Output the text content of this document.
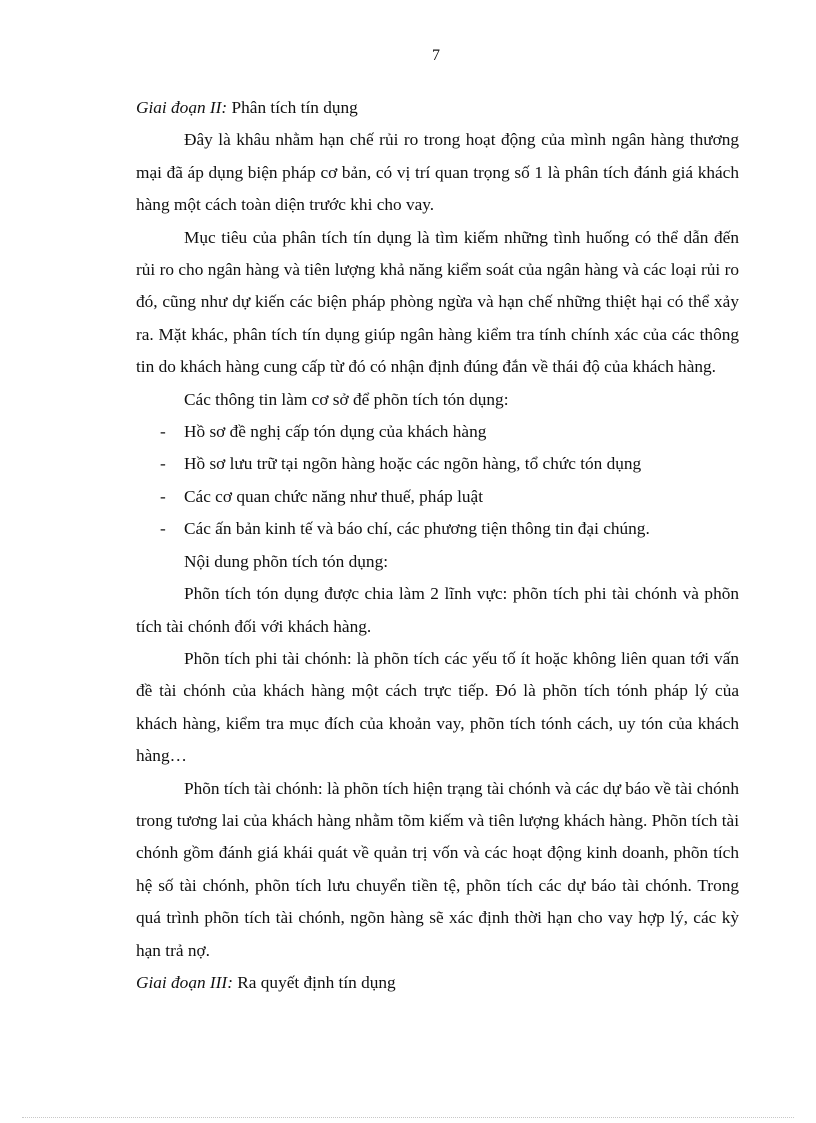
7

Giai đoạn II: Phân tích tín dụng

Đây là khâu nhằm hạn chế rủi ro trong hoạt động của mình ngân hàng thương mại đã áp dụng biện pháp cơ bản, có vị trí quan trọng số 1 là phân tích đánh giá khách hàng một cách toàn diện trước khi cho vay.

Mục tiêu của phân tích tín dụng là tìm kiếm những tình huống có thể dẫn đến rủi ro cho ngân hàng và tiên lượng khả năng kiểm soát của ngân hàng và các loại rủi ro đó, cũng như dự kiến các biện pháp phòng ngừa và hạn chế những thiệt hại có thể xảy ra. Mặt khác, phân tích tín dụng giúp ngân hàng kiểm tra tính chính xác của các thông tin do khách hàng cung cấp từ đó có nhận định đúng đắn về thái độ của khách hàng.

Các thông tin làm cơ sở để phõn tích tón dụng:

- Hồ sơ đề nghị cấp tón dụng của khách hàng
- Hồ sơ lưu trữ tại ngõn hàng hoặc các ngõn hàng, tổ chức tón dụng
- Các cơ quan chức năng như thuế, pháp luật
- Các ấn bản kinh tế và báo chí, các phương tiện thông tin đại chúng.

Nội dung phõn tích tón dụng:

Phõn tích tón dụng được chia làm 2 lĩnh vực: phõn tích phi tài chónh và phõn tích tài chónh đối với khách hàng.

Phõn tích phi tài chónh: là phõn tích các yếu tố ít hoặc không liên quan tới vấn đề tài chónh của khách hàng một cách trực tiếp. Đó là phõn tích tónh pháp lý của khách hàng, kiểm tra mục đích của khoản vay, phõn tích tónh cách, uy tón của khách hàng…

Phõn tích tài chónh: là phõn tích hiện trạng tài chónh và các dự báo về tài chónh trong tương lai của khách hàng nhằm tõm kiếm và tiên lượng khách hàng. Phõn tích tài chónh gồm đánh giá khái quát về quản trị vốn và các hoạt động kinh doanh, phõn tích hệ số tài chónh, phõn tích lưu chuyển tiền tệ, phõn tích các dự báo tài chónh. Trong quá trình phõn tích tài chónh, ngõn hàng sẽ xác định thời hạn cho vay hợp lý, các kỳ hạn trả nợ.

Giai đoạn III: Ra quyết định tín dụng
